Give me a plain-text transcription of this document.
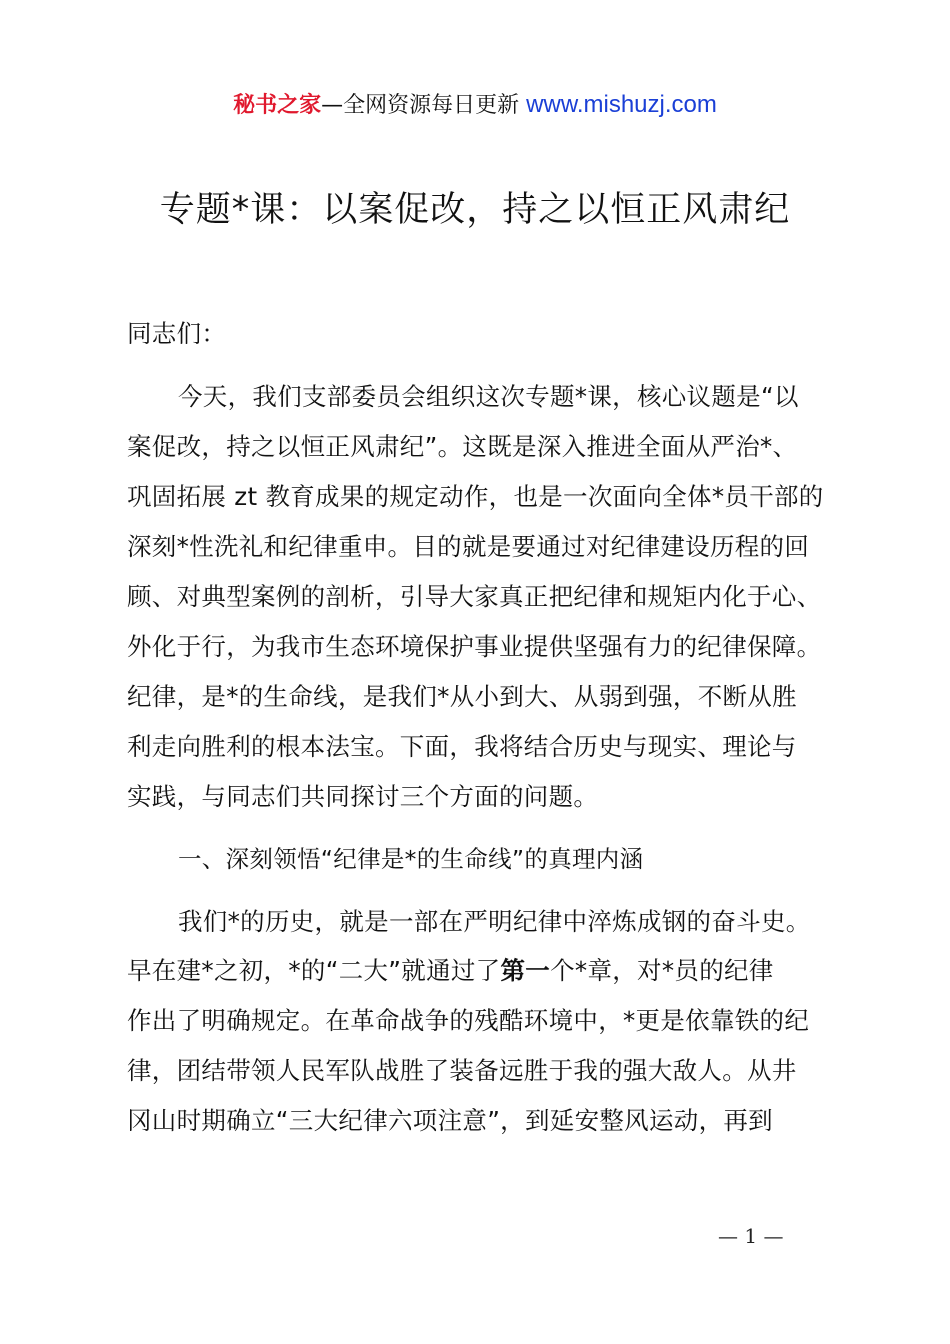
秘书之家—全网资源每日更新 www.mishuzj.com
专题*课：以案促改，持之以恒正风肃纪
同志们：
今天，我们支部委员会组织这次专题*课，核心议题是“以
案促改，持之以恒正风肃纪”。这既是深入推进全面从严治*、
巩固拓展 zt 教育成果的规定动作，也是一次面向全体*员干部的
深刻*性洗礼和纪律重申。目的就是要通过对纪律建设历程的回
顾、对典型案例的剖析，引导大家真正把纪律和规矩内化于心、
外化于行，为我市生态环境保护事业提供坚强有力的纪律保障。
纪律，是*的生命线，是我们*从小到大、从弱到强，不断从胜
利走向胜利的根本法宝。下面，我将结合历史与现实、理论与
实践，与同志们共同探讨三个方面的问题。
一、深刻领悟“纪律是*的生命线”的真理内涵
我们*的历史，就是一部在严明纪律中淬炼成钢的奋斗史。
早在建*之初，*的“二大”就通过了第一个*章，对*员的纪律
作出了明确规定。在革命战争的残酷环境中，*更是依靠铁的纪
律，团结带领人民军队战胜了装备远胜于我的强大敌人。从井
冈山时期确立“三大纪律六项注意”，到延安整风运动，再到
— 1 —
